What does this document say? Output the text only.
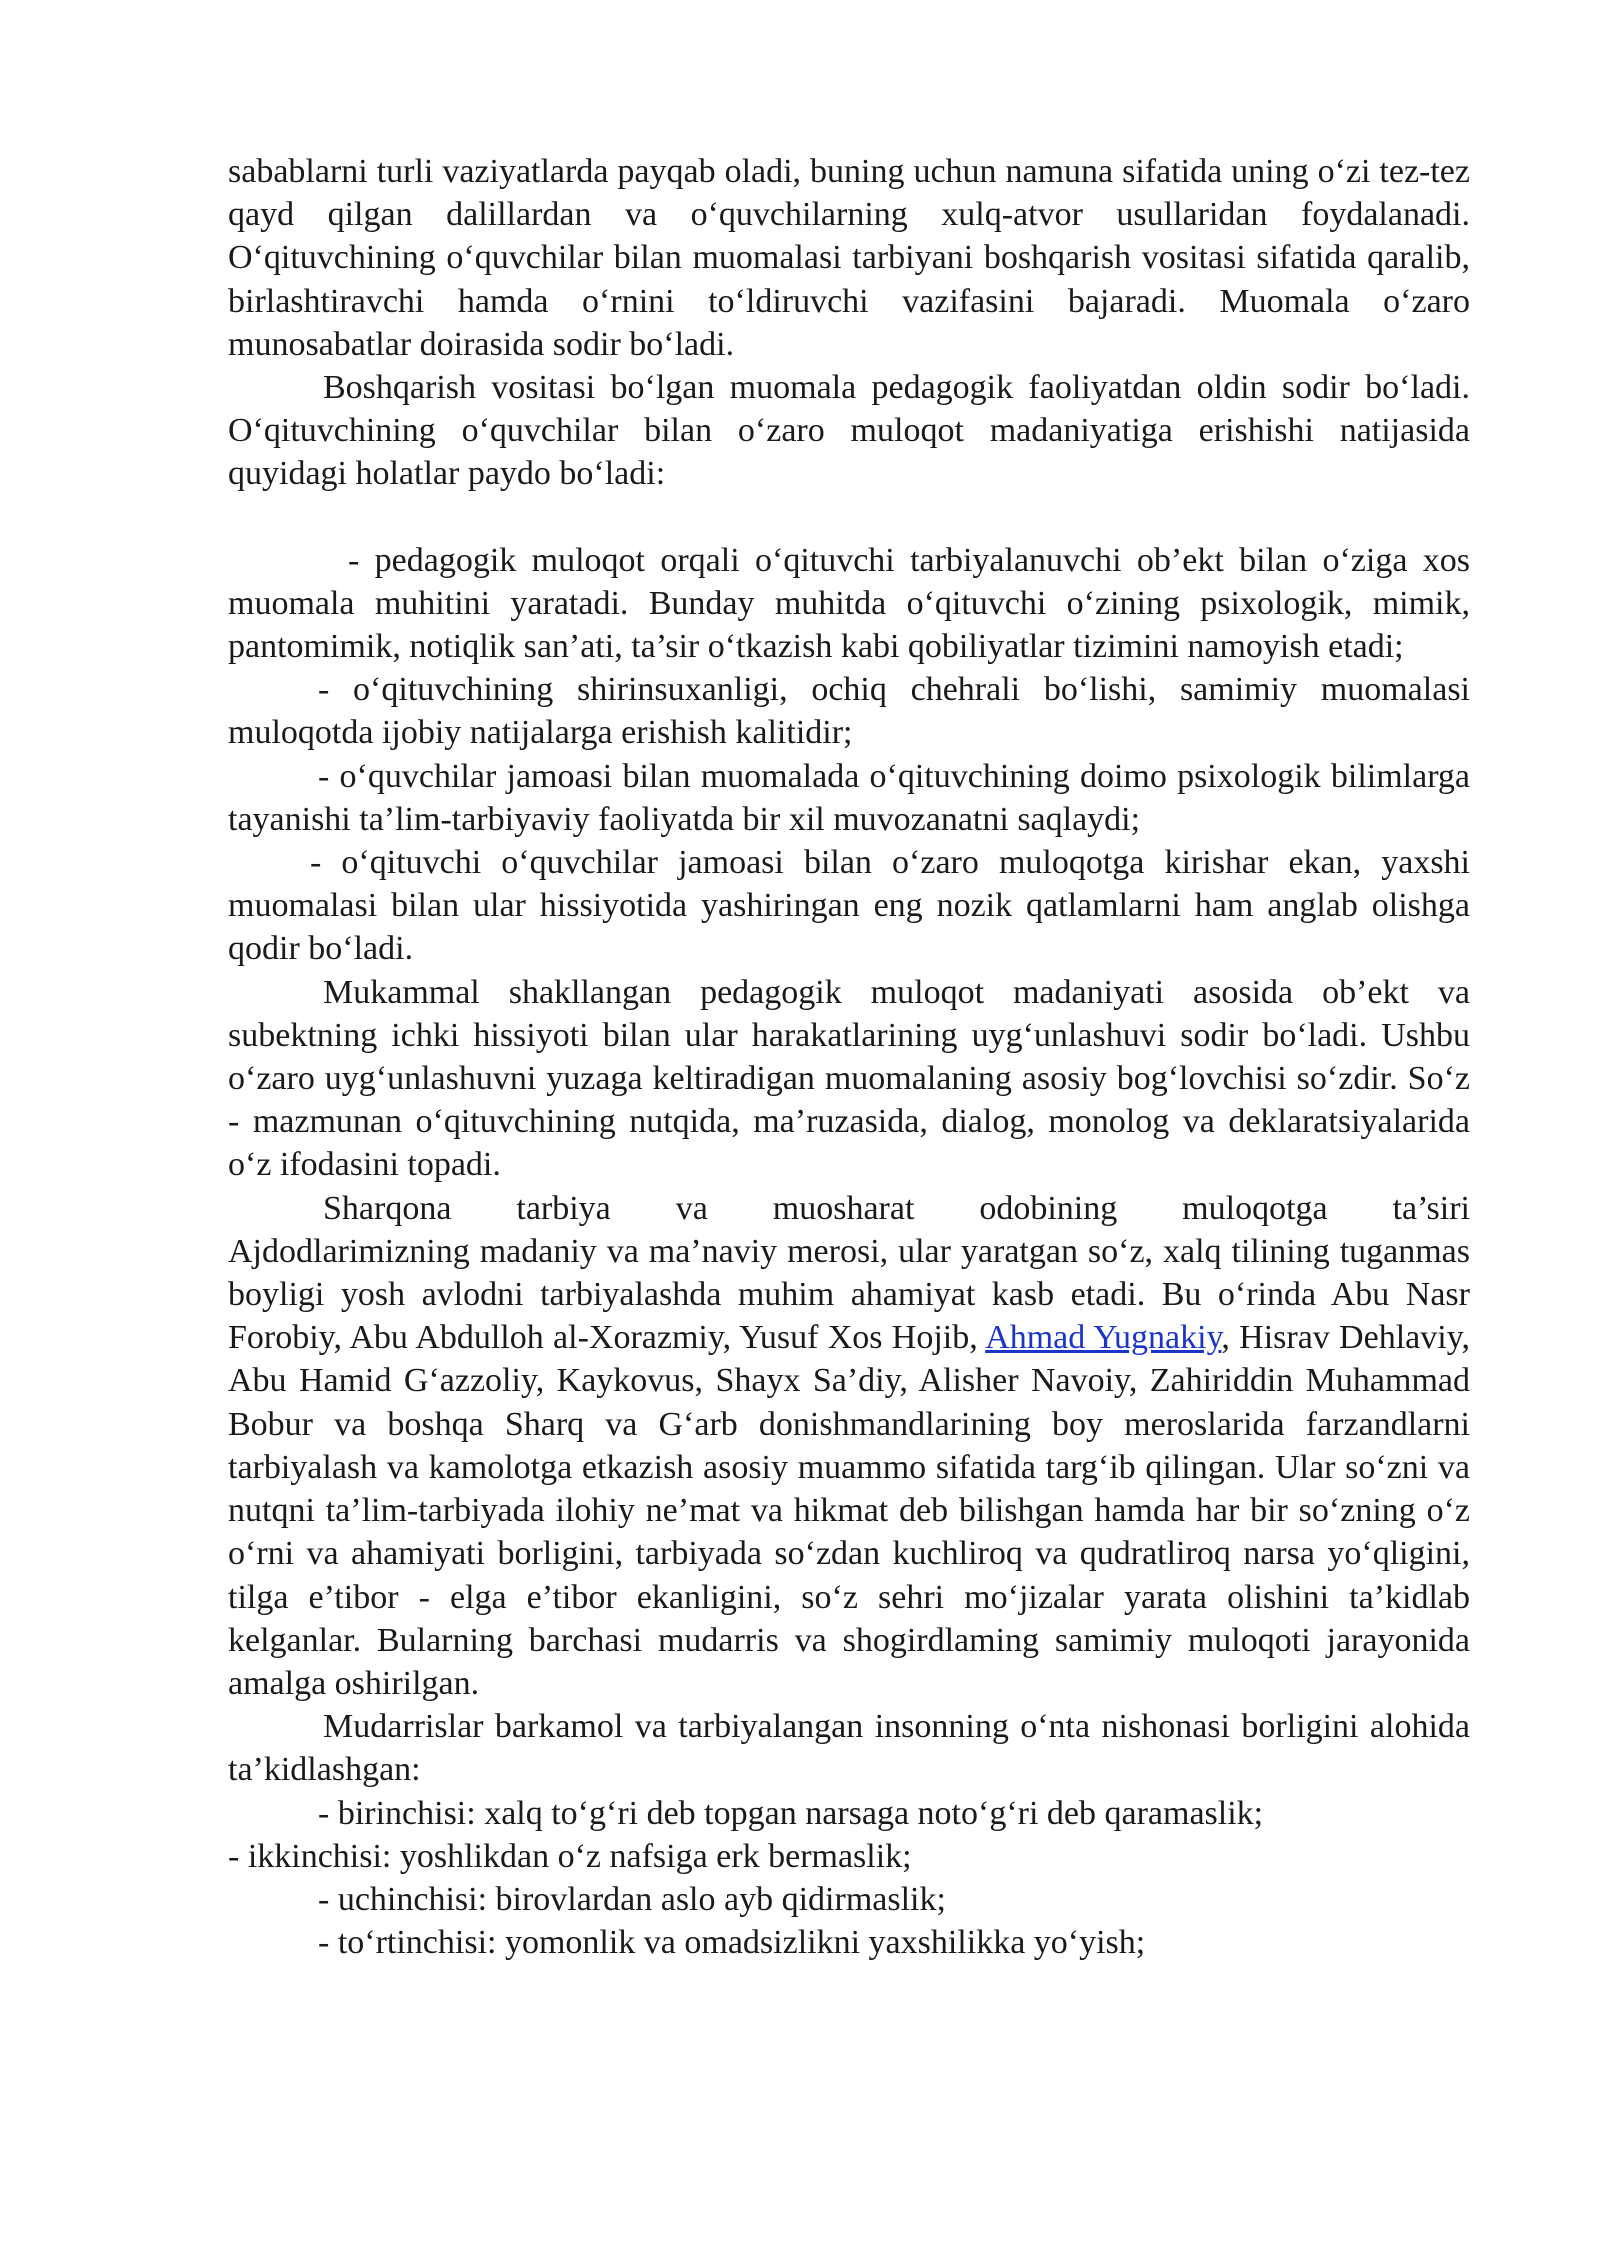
sabablarni turli vaziyatlarda payqab oladi, buning uchun namuna sifatida uning o‘zi tez-tez qayd qilgan dalillardan va o‘quvchilarning xulq-atvor usullaridan foydalanadi. O‘qituvchining o‘quvchilar bilan muomalasi tarbiyani boshqarish vositasi sifatida qaralib, birlashtiravchi hamda o‘rnini to‘ldiruvchi vazifasini bajaradi. Muomala o‘zaro munosabatlar doirasida sodir bo‘ladi.

Boshqarish vositasi bo‘lgan muomala pedagogik faoliyatdan oldin sodir bo‘ladi. O‘qituvchining o‘quvchilar bilan o‘zaro muloqot madaniyatiga erishishi natijasida quyidagi holatlar paydo bo‘ladi:

- pedagogik muloqot orqali o‘qituvchi tarbiyalanuvchi ob’ekt bilan o‘ziga xos muomala muhitini yaratadi. Bunday muhitda o‘qituvchi o‘zining psixologik, mimik, pantomimik, notiqlik san’ati, ta’sir o‘tkazish kabi qobiliyatlar tizimini namoyish etadi;

- o‘qituvchining shirinsuxanligi, ochiq chehrali bo‘lishi, samimiy muomalasi muloqotda ijobiy natijalarga erishish kalitidir;

- o‘quvchilar jamoasi bilan muomalada o‘qituvchining doimo psixologik bilimlarga tayanishi ta’lim-tarbiyaviy faoliyatda bir xil muvozanatni saqlaydi;

- o‘qituvchi o‘quvchilar jamoasi bilan o‘zaro muloqotga kirishar ekan, yaxshi muomalasi bilan ular hissiyotida yashiringan eng nozik qatlamlarni ham anglab olishga qodir bo‘ladi.

Mukammal shakllangan pedagogik muloqot madaniyati asosida ob’ekt va subektning ichki hissiyoti bilan ular harakatlarining uyg‘unlashuvi sodir bo‘ladi. Ushbu o‘zaro uyg‘unlashuvni yuzaga keltiradigan muomalaning asosiy bog‘lovchisi so‘zdir. So‘z - mazmunan o‘qituvchining nutqida, ma’ruzasida, dialog, monolog va deklaratsiyalarida o‘z ifodasini topadi.

Sharqona tarbiya va muosharat odobining muloqotga ta’siri

Ajdodlarimizning madaniy va ma’naviy merosi, ular yaratgan so‘z, xalq tilining tuganmas boyligi yosh avlodni tarbiyalashda muhim ahamiyat kasb etadi. Bu o‘rinda Abu Nasr Forobiy, Abu Abdulloh al-Xorazmiy, Yusuf Xos Hojib, Ahmad Yugnakiy, Hisrav Dehlaviy, Abu Hamid G‘azzoliy, Kaykovus, Shayx Sa’diy, Alisher Navoiy, Zahiriddin Muhammad Bobur va boshqa Sharq va G‘arb donishmandlarining boy meroslarida farzandlarni tarbiyalash va kamolotga etkazish asosiy muammo sifatida targ‘ib qilingan. Ular so‘zni va nutqni ta’lim-tarbiyada ilohiy ne’mat va hikmat deb bilishgan hamda har bir so‘zning o‘z o‘rni va ahamiyati borligini, tarbiyada so‘zdan kuchliroq va qudratliroq narsa yo‘qligini, tilga e’tibor - elga e’tibor ekanligini, so‘z sehri mo‘jizalar yarata olishini ta’kidlab kelganlar. Bularning barchasi mudarris va shogirdlaming samimiy muloqoti jarayonida amalga oshirilgan.

Mudarrislar barkamol va tarbiyalangan insonning o‘nta nishonasi borligini alohida ta’kidlashgan:

- birinchisi: xalq to‘g‘ri deb topgan narsaga noto‘g‘ri deb qaramaslik;

- ikkinchisi: yoshlikdan o‘z nafsiga erk bermaslik;

- uchinchisi: birovlardan aslo ayb qidirmaslik;

- to‘rtinchisi: yomonlik va omadsizlikni yaxshilikka yo‘yish;
